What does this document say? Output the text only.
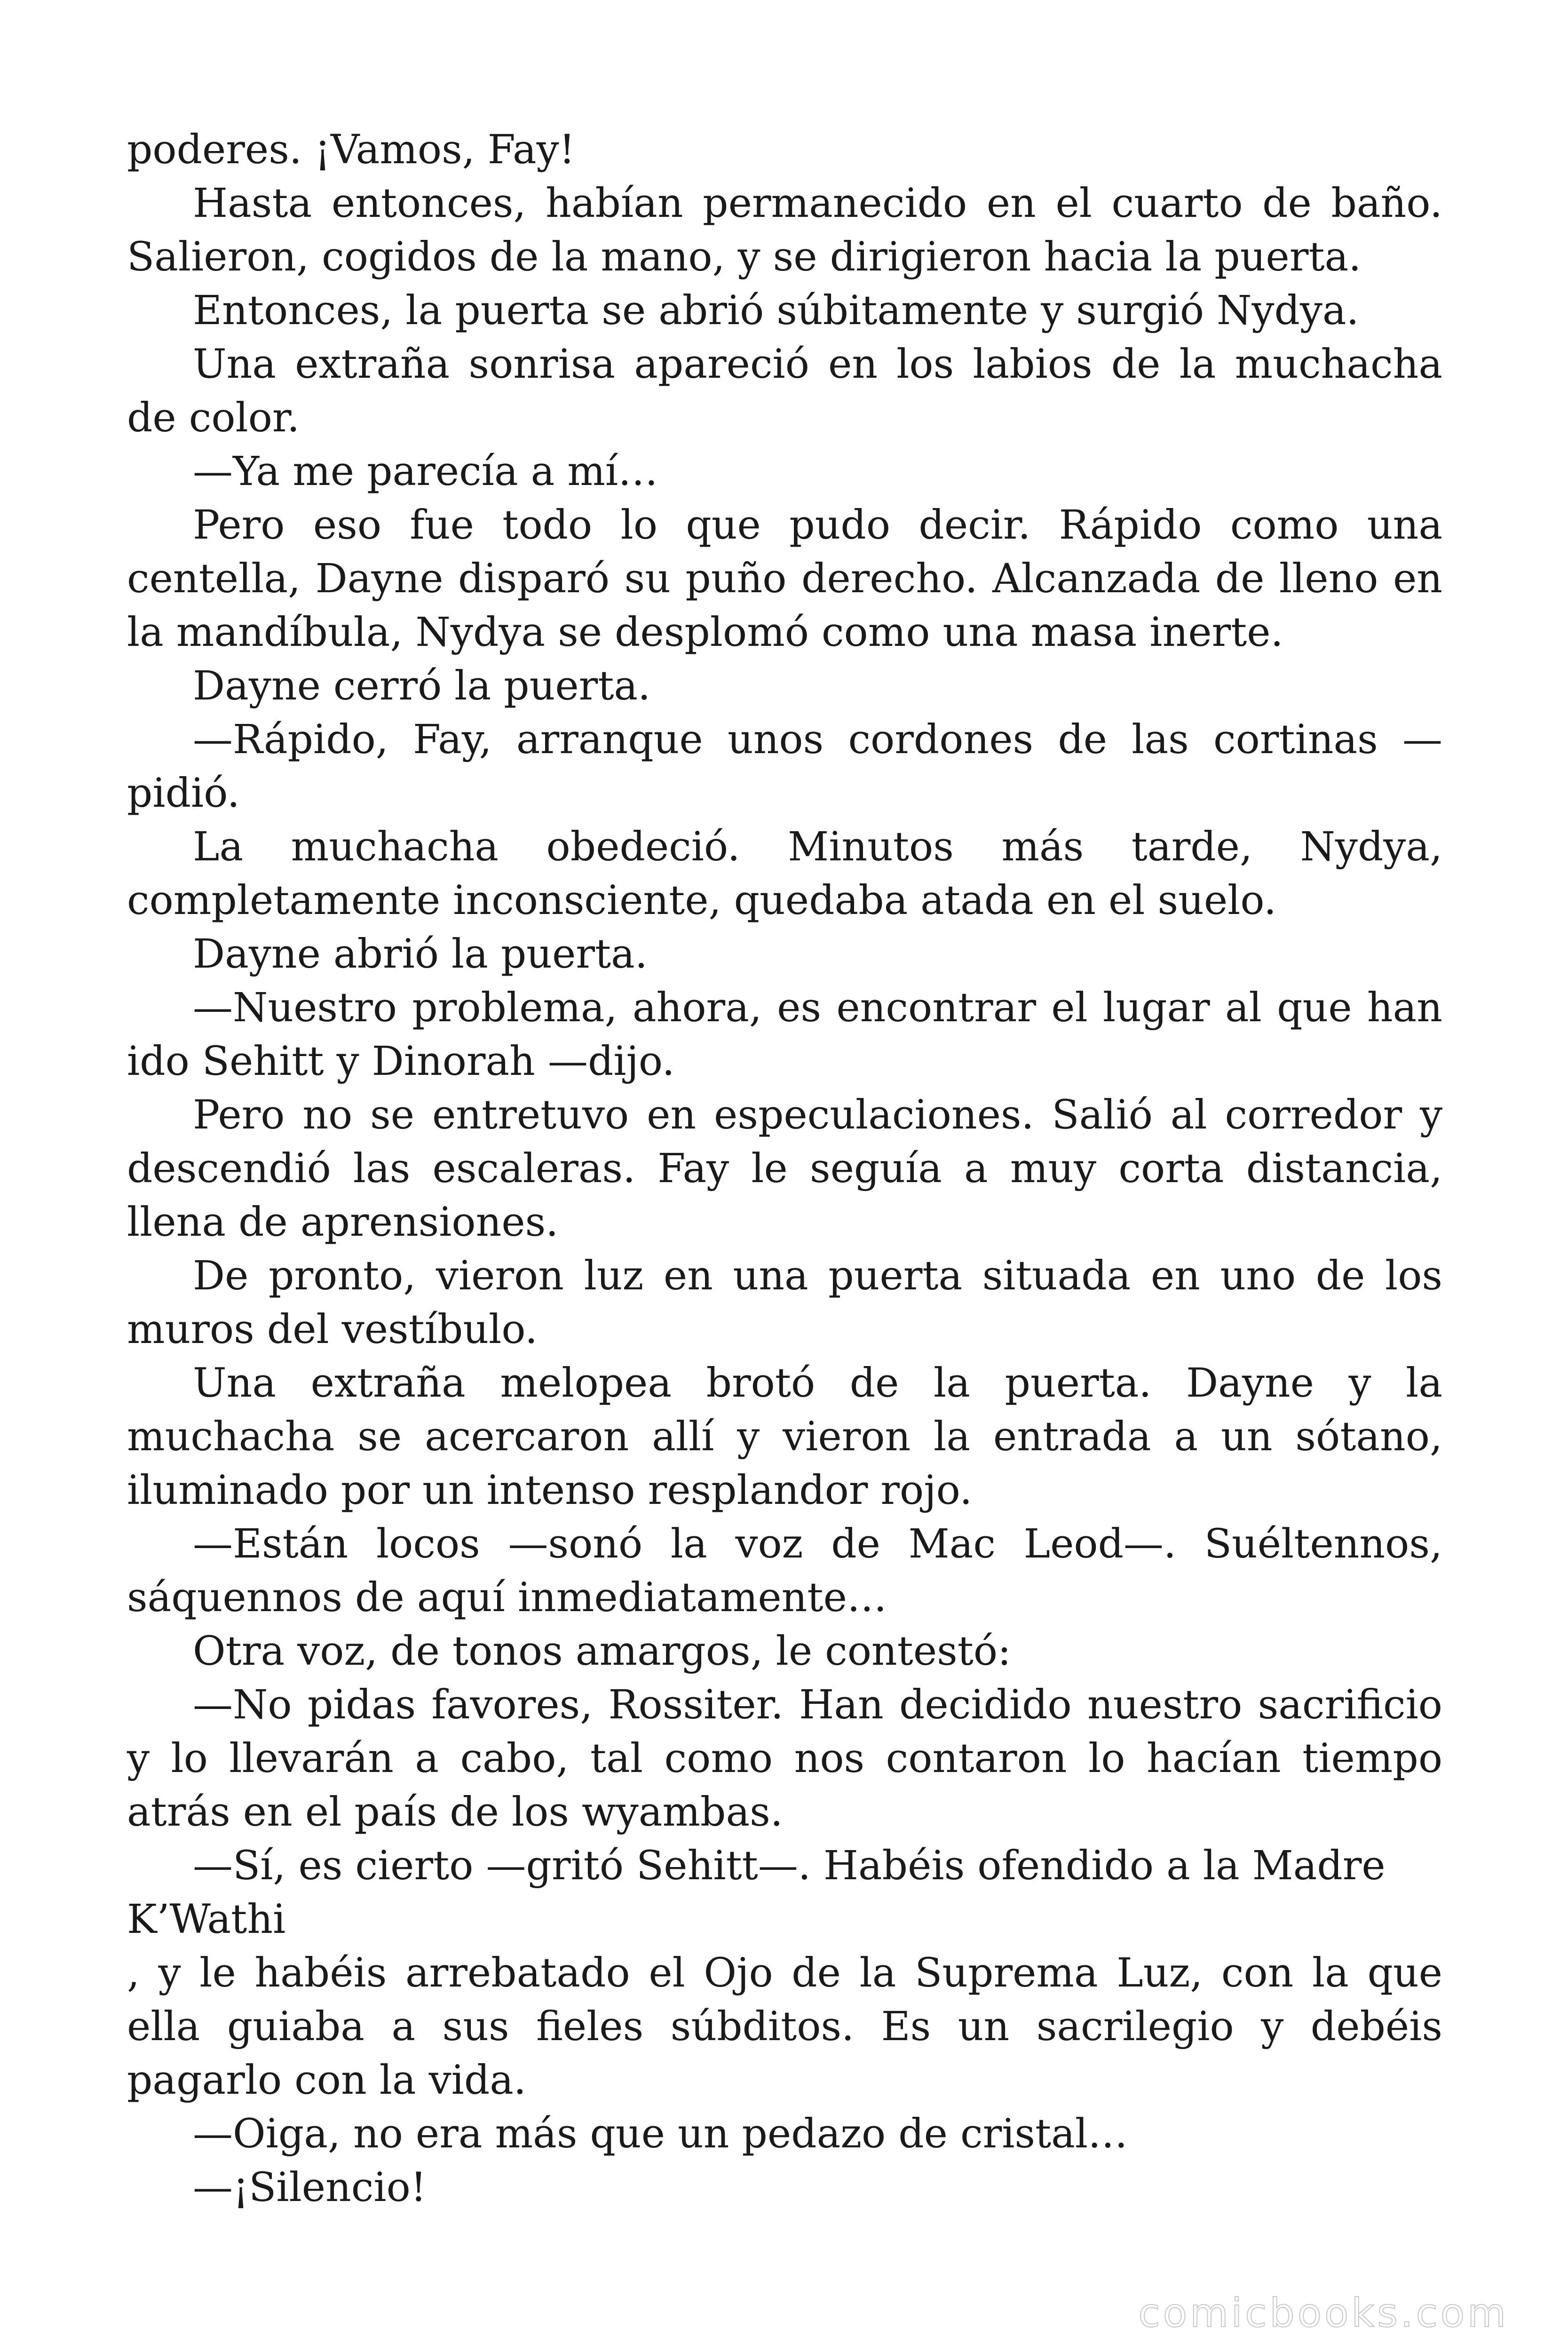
poderes. ¡Vamos, Fay!

Hasta entonces, habían permanecido en el cuarto de baño. Salieron, cogidos de la mano, y se dirigieron hacia la puerta.

Entonces, la puerta se abrió súbitamente y surgió Nydya.

Una extraña sonrisa apareció en los labios de la muchacha de color.

—Ya me parecía a mí…

Pero eso fue todo lo que pudo decir. Rápido como una centella, Dayne disparó su puño derecho. Alcanzada de lleno en la mandíbula, Nydya se desplomó como una masa inerte.

Dayne cerró la puerta.

—Rápido, Fay, arranque unos cordones de las cortinas —pidió.

La muchacha obedeció. Minutos más tarde, Nydya, completamente inconsciente, quedaba atada en el suelo.

Dayne abrió la puerta.

—Nuestro problema, ahora, es encontrar el lugar al que han ido Sehitt y Dinorah —dijo.

Pero no se entretuvo en especulaciones. Salió al corredor y descendió las escaleras. Fay le seguía a muy corta distancia, llena de aprensiones.

De pronto, vieron luz en una puerta situada en uno de los muros del vestíbulo.

Una extraña melopea brotó de la puerta. Dayne y la muchacha se acercaron allí y vieron la entrada a un sótano, iluminado por un intenso resplandor rojo.

—Están locos —sonó la voz de Mac Leod—. Suéltennos, sáquennos de aquí inmediatamente…

Otra voz, de tonos amargos, le contestó:

—No pidas favores, Rossiter. Han decidido nuestro sacrificio y lo llevarán a cabo, tal como nos contaron lo hacían tiempo atrás en el país de los wyambas.

—Sí, es cierto —gritó Sehitt—. Habéis ofendido a la Madre

K’Wathi

, y le habéis arrebatado el Ojo de la Suprema Luz, con la que ella guiaba a sus fieles súbditos. Es un sacrilegio y debéis pagarlo con la vida.

—Oiga, no era más que un pedazo de cristal…

—¡Silencio!

comicbooks.com
